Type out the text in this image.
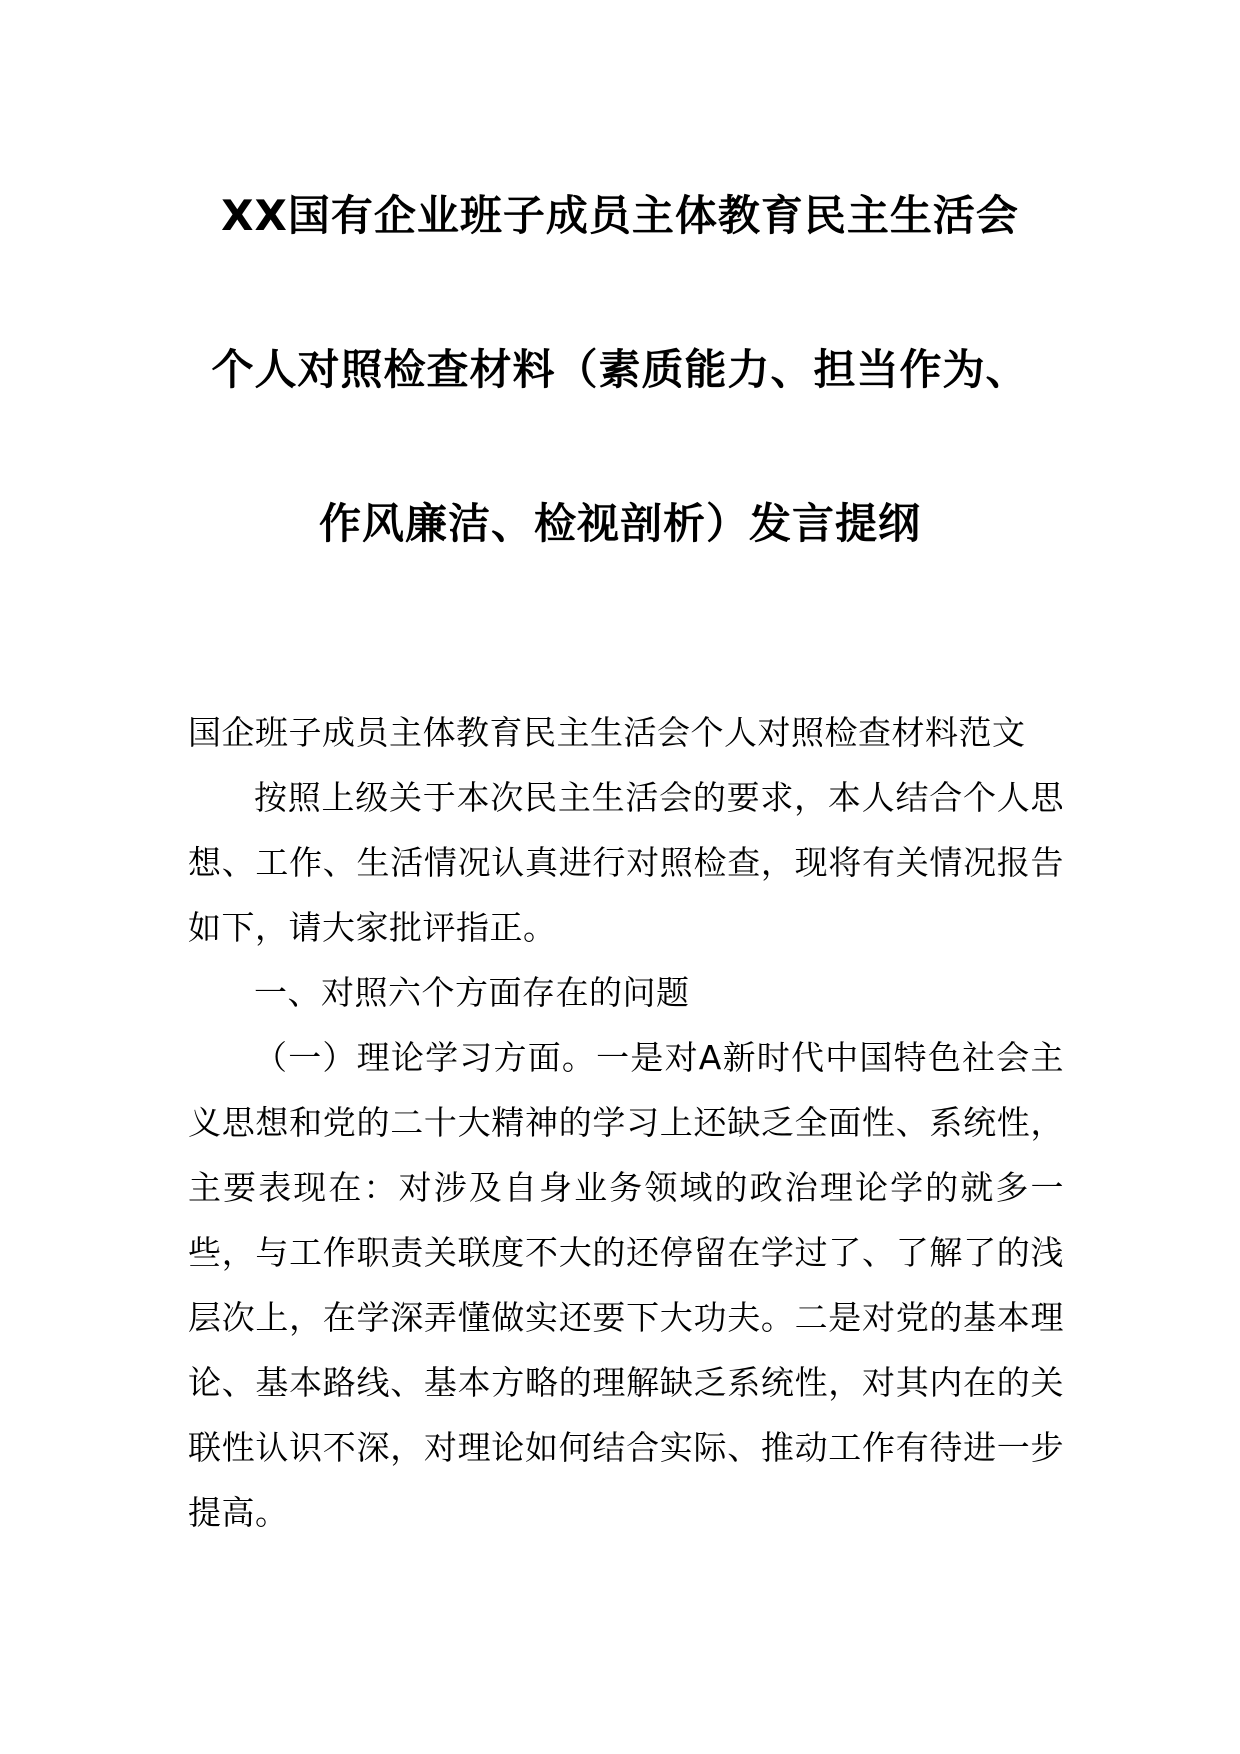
XX国有企业班子成员主体教育民主生活会
个人对照检查材料（素质能力、担当作为、
作风廉洁、检视剖析）发言提纲

国企班子成员主体教育民主生活会个人对照检查材料范文

按照上级关于本次民主生活会的要求，本人结合个人思想、工作、生活情况认真进行对照检查，现将有关情况报告如下，请大家批评指正。

一、对照六个方面存在的问题

（一）理论学习方面。一是对A新时代中国特色社会主义思想和党的二十大精神的学习上还缺乏全面性、系统性，主要表现在：对涉及自身业务领域的政治理论学的就多一些，与工作职责关联度不大的还停留在学过了、了解了的浅层次上，在学深弄懂做实还要下大功夫。二是对党的基本理论、基本路线、基本方略的理解缺乏系统性，对其内在的关联性认识不深，对理论如何结合实际、推动工作有待进一步提高。
